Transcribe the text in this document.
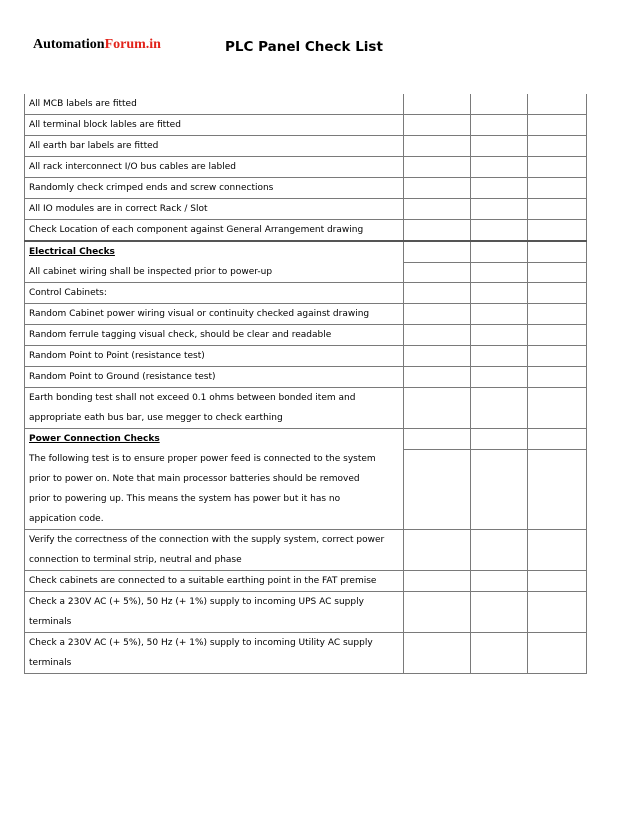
AutomationForum.in	PLC Panel Check List
All MCB labels are fitted			
All terminal block lables are fitted			
All earth bar labels are fitted			
All rack interconnect I/O bus cables are labled			
Randomly check crimped ends and screw connections			
All IO modules are in correct Rack / Slot			
Check Location of each component against General Arrangement drawing			
Electrical Checks			
All cabinet wiring shall be inspected prior to power-up			
Control Cabinets:			
Random Cabinet power wiring visual or continuity checked against drawing			
Random ferrule tagging visual check, should be clear and readable			
Random Point to Point (resistance test)			
Random Point to Ground (resistance test)			

Earth bonding test shall not exceed 0.1 ohms between bonded item and
appropriate eath bus bar, use megger to check earthing			

Power Connection Checks			

The following test is to ensure proper power feed is connected to the system
prior to power on. Note that main processor batteries should be removed
prior to powering up. This means the system has power but it has no
appication code.			

Verify the correctness of the connection with the supply system, correct power
connection to terminal strip, neutral and phase			

Check cabinets are connected to a suitable earthing point in the FAT premise			

Check a 230V AC (+ 5%), 50 Hz (+ 1%) supply to incoming UPS AC supply
terminals			

Check a 230V AC (+ 5%), 50 Hz (+ 1%) supply to incoming Utility AC supply
terminals			
